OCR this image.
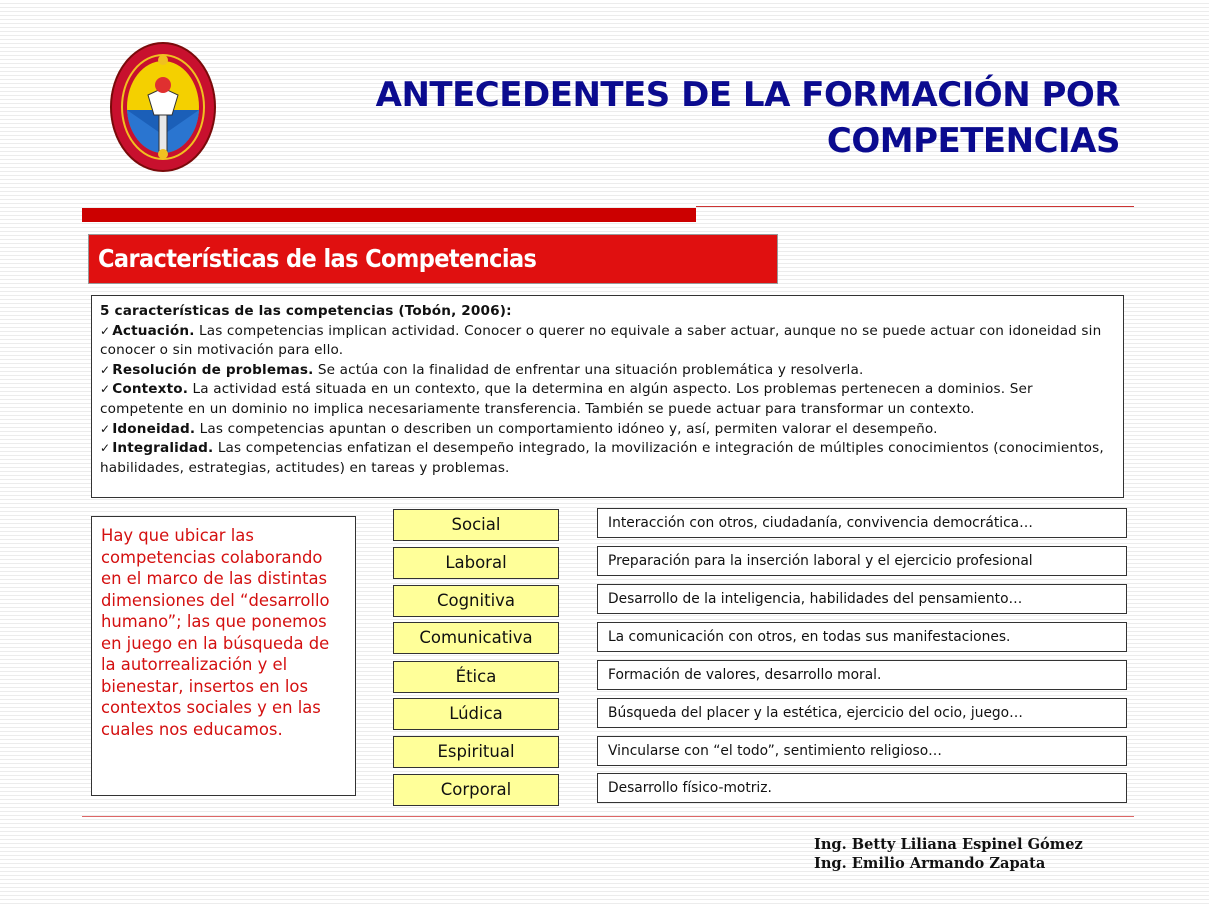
ANTECEDENTES DE LA FORMACIÓN POR
COMPETENCIAS
Características de las Competencias
5 características de las competencias (Tobón, 2006):
✓ Actuación. Las competencias implican actividad. Conocer o querer no equivale a saber actuar, aunque no se puede actuar con idoneidad sin conocer o sin motivación para ello.
✓ Resolución de problemas. Se actúa con la finalidad de enfrentar una situación problemática y resolverla.
✓ Contexto. La actividad está situada en un contexto, que la determina en algún aspecto. Los problemas pertenecen a dominios. Ser competente en un dominio no implica necesariamente transferencia. También se puede actuar para transformar un contexto.
✓ Idoneidad. Las competencias apuntan o describen un comportamiento idóneo y, así, permiten valorar el desempeño.
✓ Integralidad. Las competencias enfatizan el desempeño integrado, la movilización e integración de múltiples conocimientos (conocimientos, habilidades, estrategias, actitudes) en tareas y problemas.
Hay que ubicar las competencias colaborando en el marco de las distintas dimensiones del “desarrollo humano”; las que ponemos en juego en la búsqueda de la autorrealización y el bienestar, insertos en los contextos sociales y en las cuales nos educamos.
Social
Laboral
Cognitiva
Comunicativa
Ética
Lúdica
Espiritual
Corporal
Interacción con otros, ciudadanía, convivencia democrática…
Preparación para la inserción laboral y el ejercicio profesional
Desarrollo de la inteligencia, habilidades del pensamiento…
La comunicación con otros, en todas sus manifestaciones.
Formación de valores, desarrollo moral.
Búsqueda del placer y la estética, ejercicio del ocio, juego…
Vincularse con “el todo”, sentimiento religioso…
Desarrollo físico-motriz.
Ing. Betty Liliana Espinel Gómez
Ing. Emilio Armando Zapata
